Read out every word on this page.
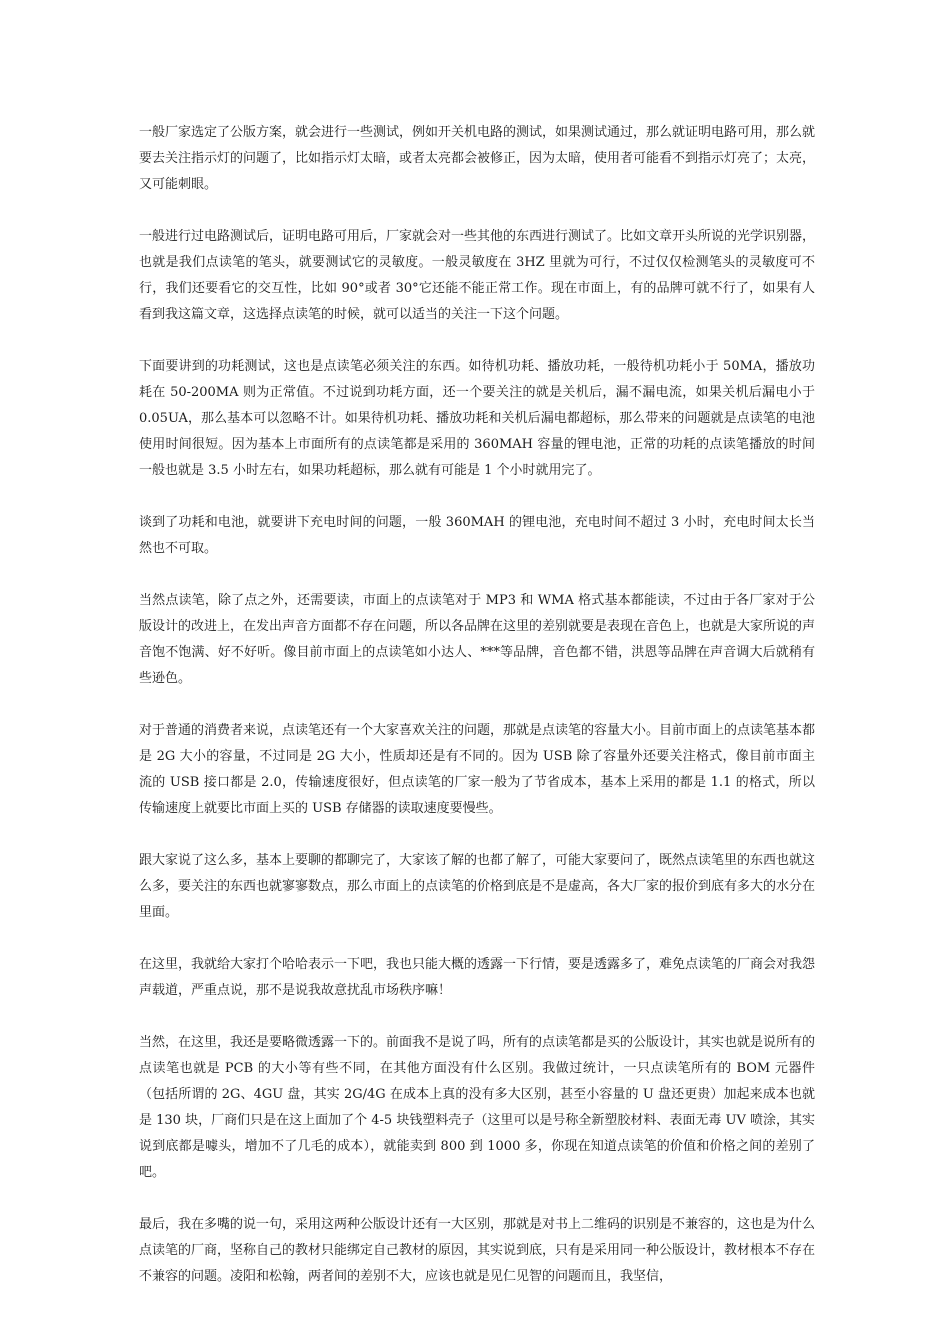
一般厂家选定了公版方案，就会进行一些测试，例如开关机电路的测试，如果测试通过，那么就证明电路可用，那么就要去关注指示灯的问题了，比如指示灯太暗，或者太亮都会被修正，因为太暗，使用者可能看不到指示灯亮了；太亮，又可能刺眼。

一般进行过电路测试后，证明电路可用后，厂家就会对一些其他的东西进行测试了。比如文章开头所说的光学识别器，也就是我们点读笔的笔头，就要测试它的灵敏度。一般灵敏度在 3HZ 里就为可行，不过仅仅检测笔头的灵敏度可不行，我们还要看它的交互性，比如 90°或者 30°它还能不能正常工作。现在市面上，有的品牌可就不行了，如果有人看到我这篇文章，这选择点读笔的时候，就可以适当的关注一下这个问题。

下面要讲到的功耗测试，这也是点读笔必须关注的东西。如待机功耗、播放功耗，一般待机功耗小于 50MA，播放功耗在 50-200MA 则为正常值。不过说到功耗方面，还一个要关注的就是关机后，漏不漏电流，如果关机后漏电小于 0.05UA，那么基本可以忽略不计。如果待机功耗、播放功耗和关机后漏电都超标，那么带来的问题就是点读笔的电池使用时间很短。因为基本上市面所有的点读笔都是采用的 360MAH 容量的锂电池，正常的功耗的点读笔播放的时间一般也就是 3.5 小时左右，如果功耗超标，那么就有可能是 1 个小时就用完了。

谈到了功耗和电池，就要讲下充电时间的问题，一般 360MAH 的锂电池，充电时间不超过 3 小时，充电时间太长当然也不可取。

当然点读笔，除了点之外，还需要读，市面上的点读笔对于 MP3 和 WMA 格式基本都能读，不过由于各厂家对于公版设计的改进上，在发出声音方面都不存在问题，所以各品牌在这里的差别就要是表现在音色上，也就是大家所说的声音饱不饱满、好不好听。像目前市面上的点读笔如小达人、***等品牌，音色都不错，洪恩等品牌在声音调大后就稍有些逊色。

对于普通的消费者来说，点读笔还有一个大家喜欢关注的问题，那就是点读笔的容量大小。目前市面上的点读笔基本都是 2G 大小的容量，不过同是 2G 大小，性质却还是有不同的。因为 USB 除了容量外还要关注格式，像目前市面主流的 USB 接口都是 2.0，传输速度很好，但点读笔的厂家一般为了节省成本，基本上采用的都是 1.1 的格式，所以传输速度上就要比市面上买的 USB 存储器的读取速度要慢些。

跟大家说了这么多，基本上要聊的都聊完了，大家该了解的也都了解了，可能大家要问了，既然点读笔里的东西也就这么多，要关注的东西也就寥寥数点，那么市面上的点读笔的价格到底是不是虚高，各大厂家的报价到底有多大的水分在里面。

在这里，我就给大家打个哈哈表示一下吧，我也只能大概的透露一下行情，要是透露多了，难免点读笔的厂商会对我怨声载道，严重点说，那不是说我故意扰乱市场秩序嘛！

当然，在这里，我还是要略微透露一下的。前面我不是说了吗，所有的点读笔都是买的公版设计，其实也就是说所有的点读笔也就是 PCB 的大小等有些不同，在其他方面没有什么区别。我做过统计，一只点读笔所有的 BOM 元器件（包括所谓的 2G、4GU 盘，其实 2G/4G 在成本上真的没有多大区别，甚至小容量的 U 盘还更贵）加起来成本也就是 130 块，厂商们只是在这上面加了个 4-5 块钱塑料壳子（这里可以是号称全新塑胶材料、表面无毒 UV 喷涂，其实说到底都是噱头，增加不了几毛的成本），就能卖到 800 到 1000 多，你现在知道点读笔的价值和价格之间的差别了吧。

最后，我在多嘴的说一句，采用这两种公版设计还有一大区别，那就是对书上二维码的识别是不兼容的，这也是为什么点读笔的厂商，坚称自己的教材只能绑定自己教材的原因，其实说到底，只有是采用同一种公版设计，教材根本不存在不兼容的问题。凌阳和松翰，两者间的差别不大，应该也就是见仁见智的问题而且，我坚信，
